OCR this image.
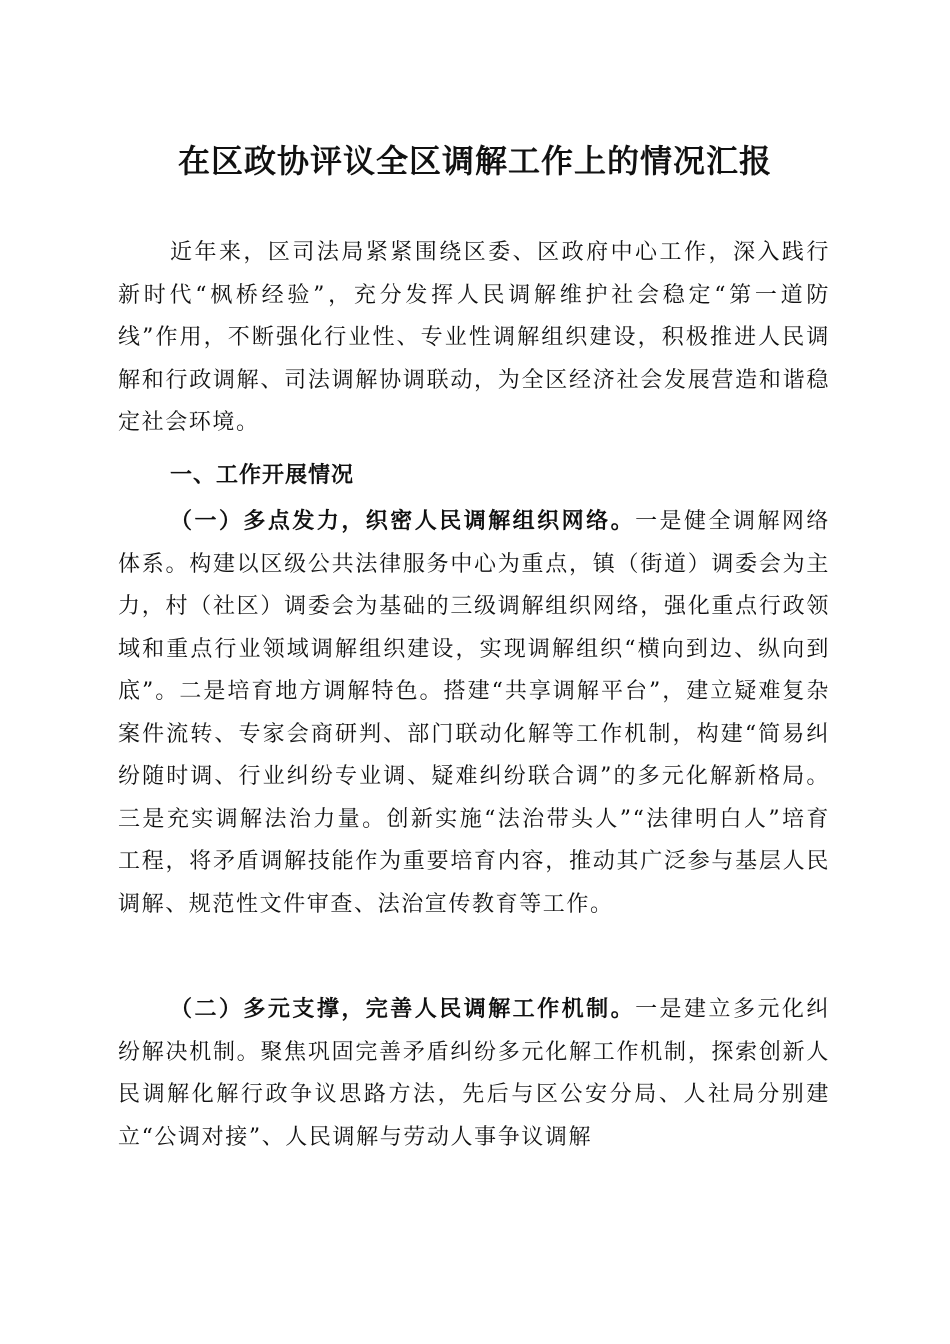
在区政协评议全区调解工作上的情况汇报

近年来，区司法局紧紧围绕区委、区政府中心工作，深入践行新时代“枫桥经验”，充分发挥人民调解维护社会稳定“第一道防线”作用，不断强化行业性、专业性调解组织建设，积极推进人民调解和行政调解、司法调解协调联动，为全区经济社会发展营造和谐稳定社会环境。

一、工作开展情况

（一）多点发力，织密人民调解组织网络。一是健全调解网络体系。构建以区级公共法律服务中心为重点，镇（街道）调委会为主力，村（社区）调委会为基础的三级调解组织网络，强化重点行政领域和重点行业领域调解组织建设，实现调解组织“横向到边、纵向到底”。二是培育地方调解特色。搭建“共享调解平台”，建立疑难复杂案件流转、专家会商研判、部门联动化解等工作机制，构建“简易纠纷随时调、行业纠纷专业调、疑难纠纷联合调”的多元化解新格局。三是充实调解法治力量。创新实施“法治带头人”“法律明白人”培育工程，将矛盾调解技能作为重要培育内容，推动其广泛参与基层人民调解、规范性文件审查、法治宣传教育等工作。

（二）多元支撑，完善人民调解工作机制。一是建立多元化纠纷解决机制。聚焦巩固完善矛盾纠纷多元化解工作机制，探索创新人民调解化解行政争议思路方法，先后与区公安分局、人社局分别建立“公调对接”、人民调解与劳动人事争议调解
